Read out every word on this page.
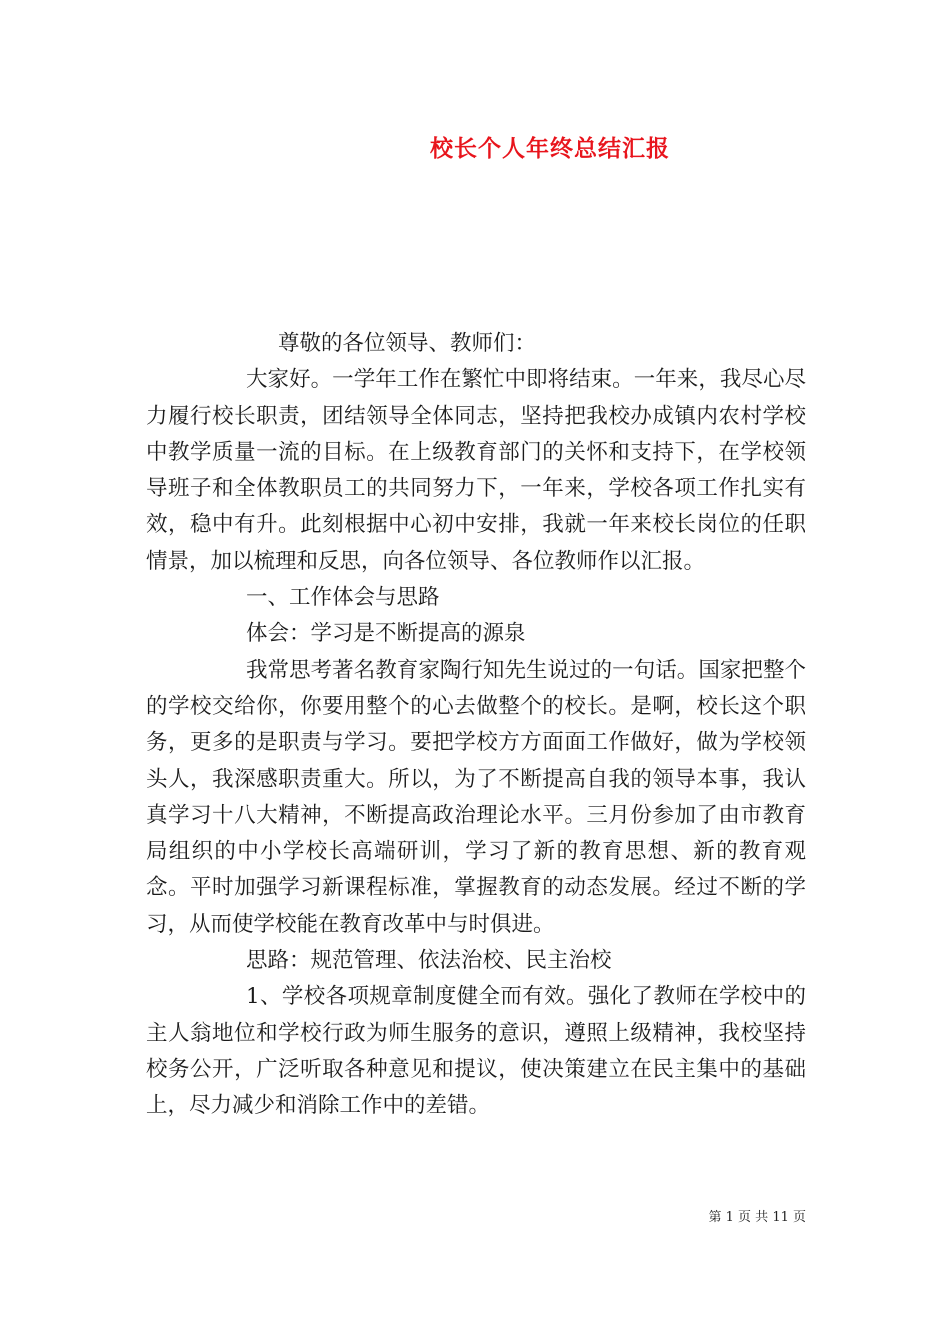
校长个人年终总结汇报

尊敬的各位领导、教师们：

大家好。一学年工作在繁忙中即将结束。一年来，我尽心尽力履行校长职责，团结领导全体同志，坚持把我校办成镇内农村学校中教学质量一流的目标。在上级教育部门的关怀和支持下，在学校领导班子和全体教职员工的共同努力下，一年来，学校各项工作扎实有效，稳中有升。此刻根据中心初中安排，我就一年来校长岗位的任职情景，加以梳理和反思，向各位领导、各位教师作以汇报。

一、工作体会与思路

体会：学习是不断提高的源泉

我常思考著名教育家陶行知先生说过的一句话。国家把整个的学校交给你，你要用整个的心去做整个的校长。是啊，校长这个职务，更多的是职责与学习。要把学校方方面面工作做好，做为学校领头人，我深感职责重大。所以，为了不断提高自我的领导本事，我认真学习十八大精神，不断提高政治理论水平。三月份参加了由市教育局组织的中小学校长高端研训，学习了新的教育思想、新的教育观念。平时加强学习新课程标准，掌握教育的动态发展。经过不断的学习，从而使学校能在教育改革中与时俱进。

思路：规范管理、依法治校、民主治校

1、学校各项规章制度健全而有效。强化了教师在学校中的主人翁地位和学校行政为师生服务的意识，遵照上级精神，我校坚持校务公开，广泛听取各种意见和提议，使决策建立在民主集中的基础上，尽力减少和消除工作中的差错。

第 1 页 共 11 页
